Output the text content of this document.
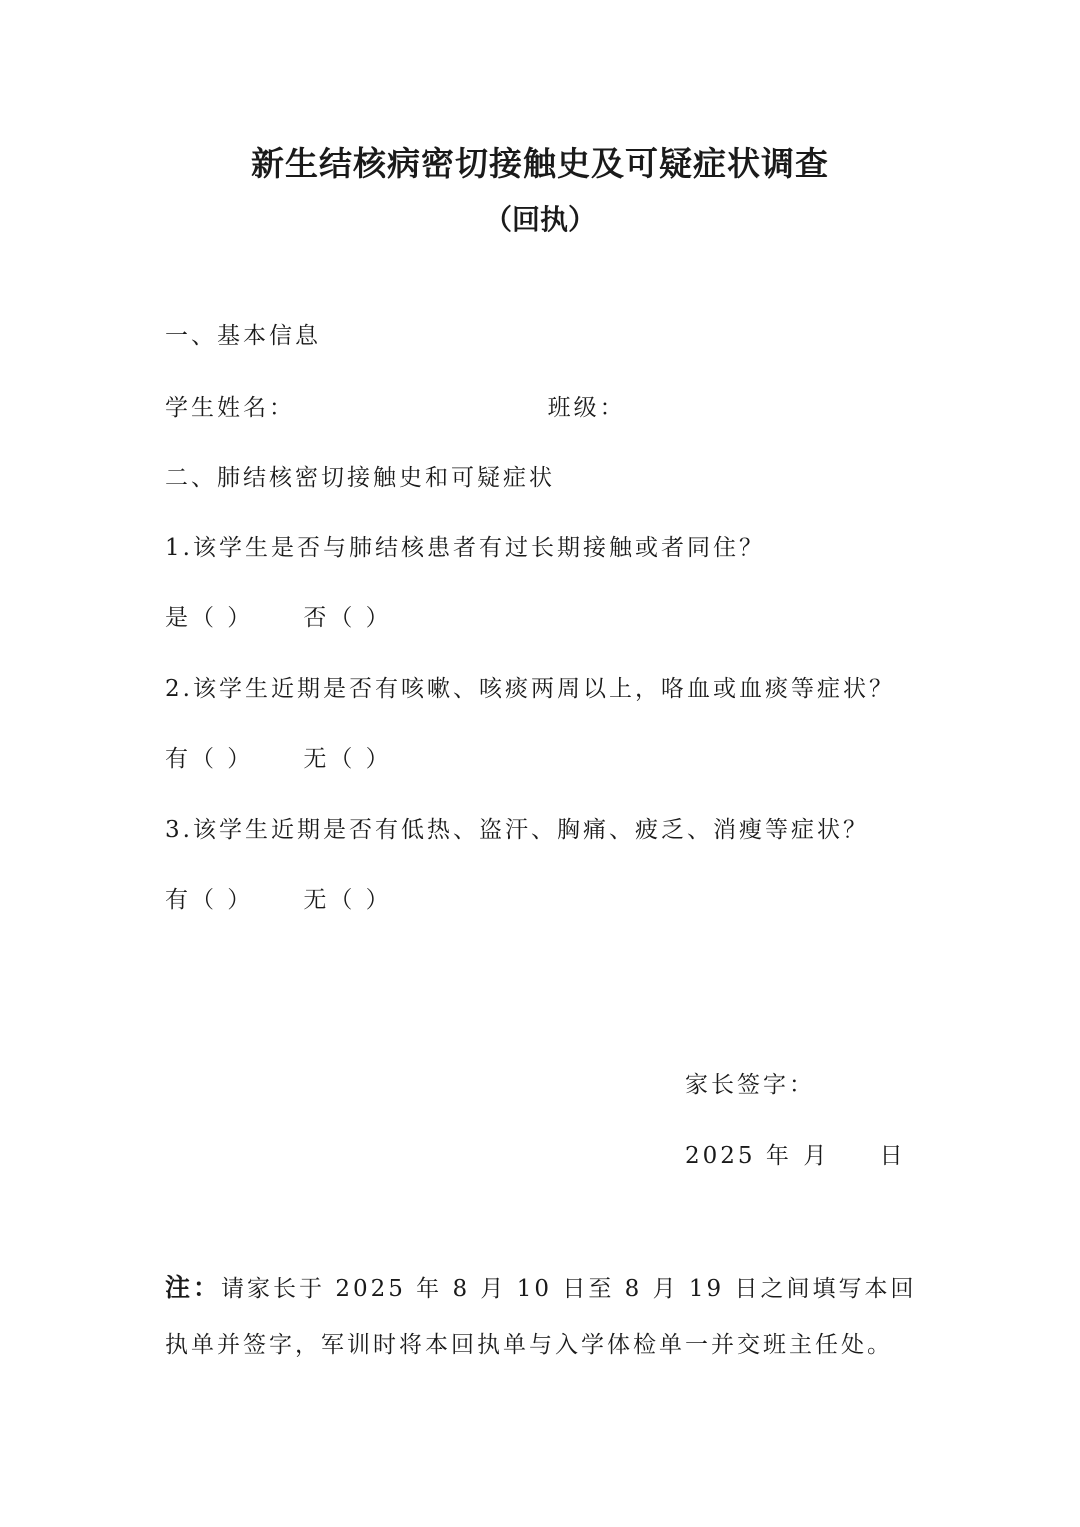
新生结核病密切接触史及可疑症状调查
（回执）
一、基本信息
学生姓名：	班级：
二、肺结核密切接触史和可疑症状
1.该学生是否与肺结核患者有过长期接触或者同住？
是（ ） 否（ ）
2.该学生近期是否有咳嗽、咳痰两周以上，咯血或血痰等症状？
有（ ） 无（ ）
3.该学生近期是否有低热、盗汗、胸痛、疲乏、消瘦等症状？
有（ ） 无（ ）
家长签字：
2025 年 月 日
注：请家长于 2025 年 8 月 10 日至 8 月 19 日之间填写本回执单并签字，军训时将本回执单与入学体检单一并交班主任处。
